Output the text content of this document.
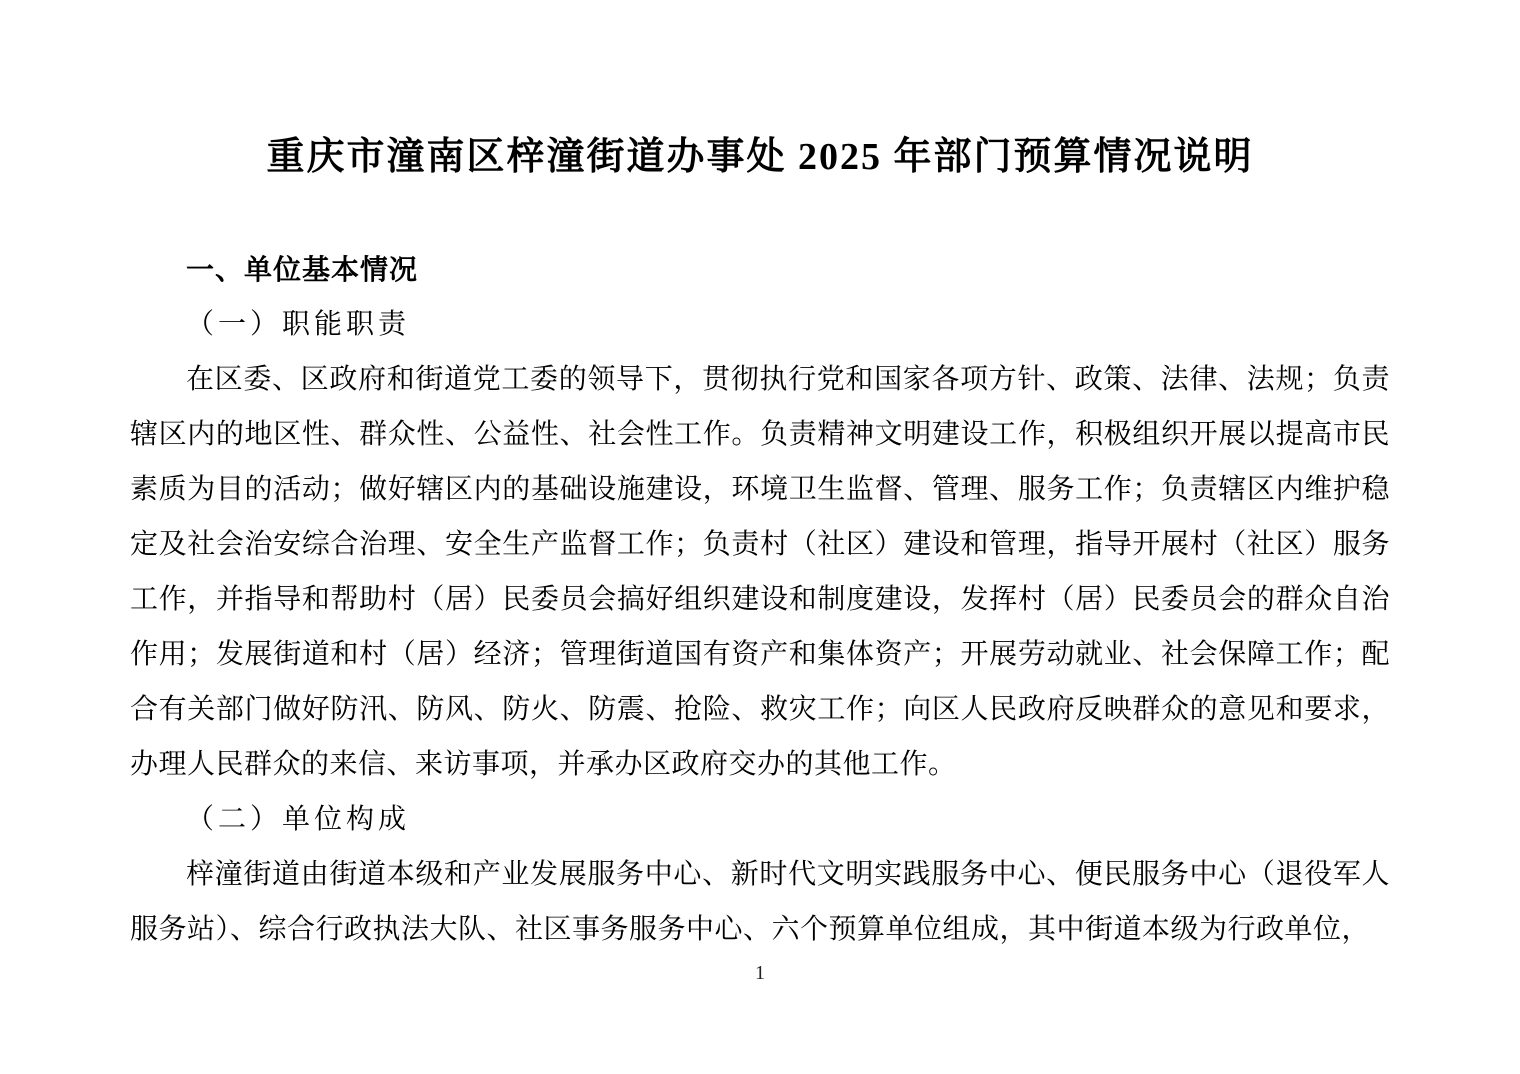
重庆市潼南区梓潼街道办事处 2025 年部门预算情况说明
一、单位基本情况
（一）职能职责

在区委、区政府和街道党工委的领导下，贯彻执行党和国家各项方针、政策、法律、法规；负责辖区内的地区性、群众性、公益性、社会性工作。负责精神文明建设工作，积极组织开展以提高市民素质为目的活动；做好辖区内的基础设施建设，环境卫生监督、管理、服务工作；负责辖区内维护稳定及社会治安综合治理、安全生产监督工作；负责村（社区）建设和管理，指导开展村（社区）服务工作，并指导和帮助村（居）民委员会搞好组织建设和制度建设，发挥村（居）民委员会的群众自治作用；发展街道和村（居）经济；管理街道国有资产和集体资产；开展劳动就业、社会保障工作；配合有关部门做好防汛、防风、防火、防震、抢险、救灾工作；向区人民政府反映群众的意见和要求，办理人民群众的来信、来访事项，并承办区政府交办的其他工作。

（二）单位构成

梓潼街道由街道本级和产业发展服务中心、新时代文明实践服务中心、便民服务中心（退役军人服务站）、综合行政执法大队、社区事务服务中心、六个预算单位组成，其中街道本级为行政单位，

1
